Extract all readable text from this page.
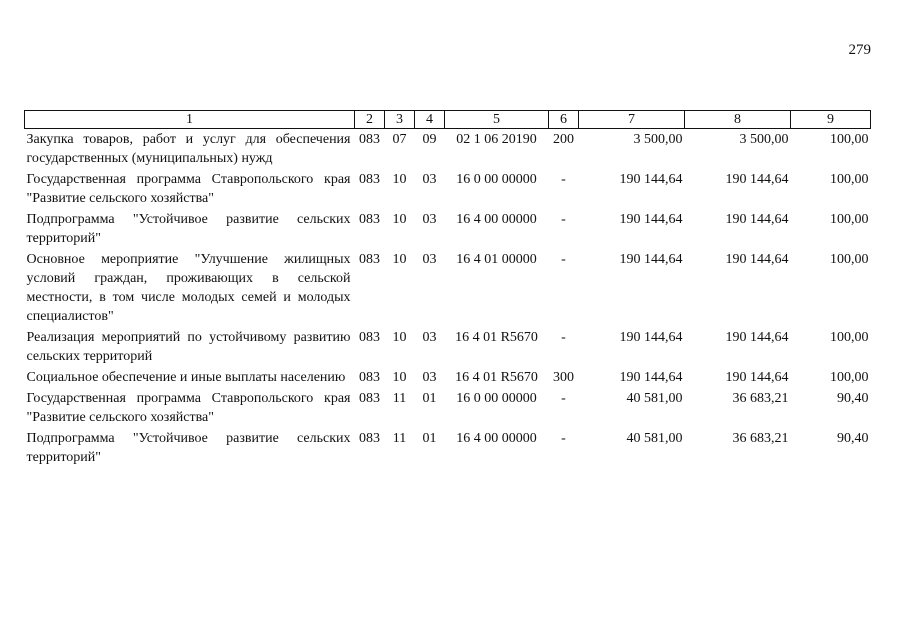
279
1	2	3	4	5	6	7	8	9
Закупка товаров, работ и услуг для обеспечения государственных (муниципальных) нужд	083	07	09	02 1 06 20190	200	3 500,00	3 500,00	100,00
Государственная программа Ставропольского края "Развитие сельского хозяйства"	083	10	03	16 0 00 00000	-	190 144,64	190 144,64	100,00
Подпрограмма "Устойчивое развитие сельских территорий"	083	10	03	16 4 00 00000	-	190 144,64	190 144,64	100,00
Основное мероприятие "Улучшение жилищных условий граждан, проживающих в сельской местности, в том числе молодых семей и молодых специалистов"	083	10	03	16 4 01 00000	-	190 144,64	190 144,64	100,00
Реализация мероприятий по устойчивому развитию сельских территорий	083	10	03	16 4 01 R5670	-	190 144,64	190 144,64	100,00
Социальное обеспечение и иные выплаты населению	083	10	03	16 4 01 R5670	300	190 144,64	190 144,64	100,00
Государственная программа Ставропольского края "Развитие сельского хозяйства"	083	11	01	16 0 00 00000	-	40 581,00	36 683,21	90,40
Подпрограмма "Устойчивое развитие сельских территорий"	083	11	01	16 4 00 00000	-	40 581,00	36 683,21	90,40
